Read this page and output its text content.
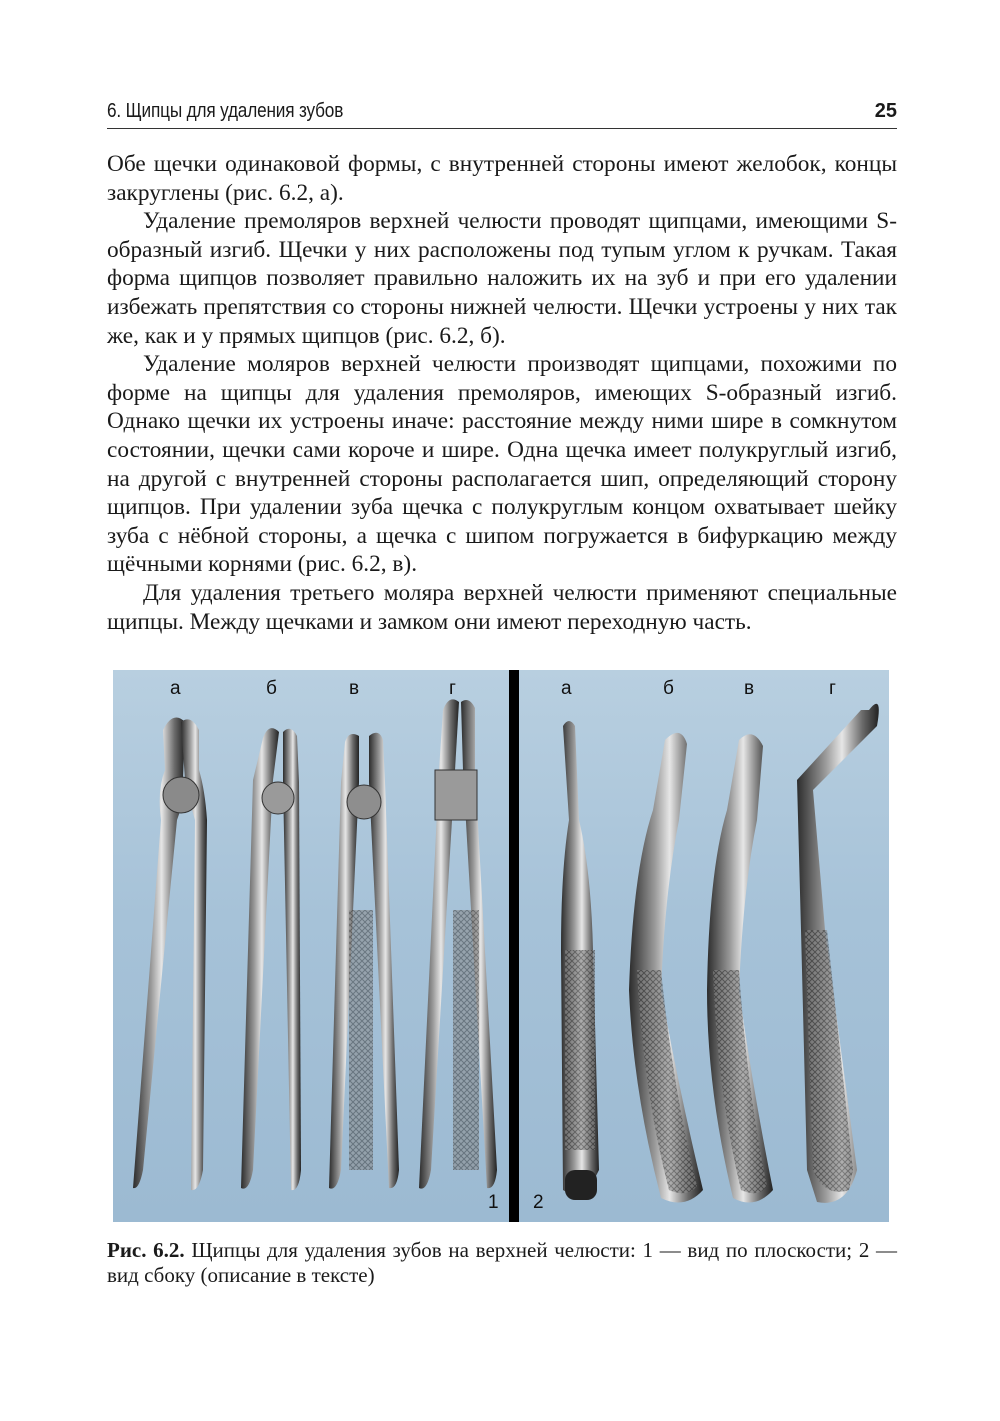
6. Щипцы для удаления зубов	25

Обе щечки одинаковой формы, с внутренней стороны имеют желобок, концы закруглены (рис. 6.2, а).

Удаление премоляров верхней челюсти проводят щипцами, имеющими S-образный изгиб. Щечки у них расположены под тупым углом к ручкам. Такая форма щипцов позволяет правильно наложить их на зуб и при его удалении избежать препятствия со стороны нижней челюсти. Щечки устроены у них так же, как и у прямых щипцов (рис. 6.2, б).

Удаление моляров верхней челюсти производят щипцами, похожими по форме на щипцы для удаления премоляров, имеющих S-образный изгиб. Однако щечки их устроены иначе: расстояние между ними шире в сомкнутом состоянии, щечки сами короче и шире. Одна щечка имеет полукруглый изгиб, на другой с внутренней стороны располагается шип, определяющий сторону щипцов. При удалении зуба щечка с полукруглым концом охватывает шейку зуба с нёбной стороны, а щечка с шипом погружается в бифуркацию между щёчными корнями (рис. 6.2, в).

Для удаления третьего моляра верхней челюсти применяют специальные щипцы. Между щечками и замком они имеют переходную часть.

а	б	в	г
1
а	б	в	г
2
Рис. 6.2. Щипцы для удаления зубов на верхней челюсти: 1 — вид по плоскости; 2 — вид сбоку (описание в тексте)
